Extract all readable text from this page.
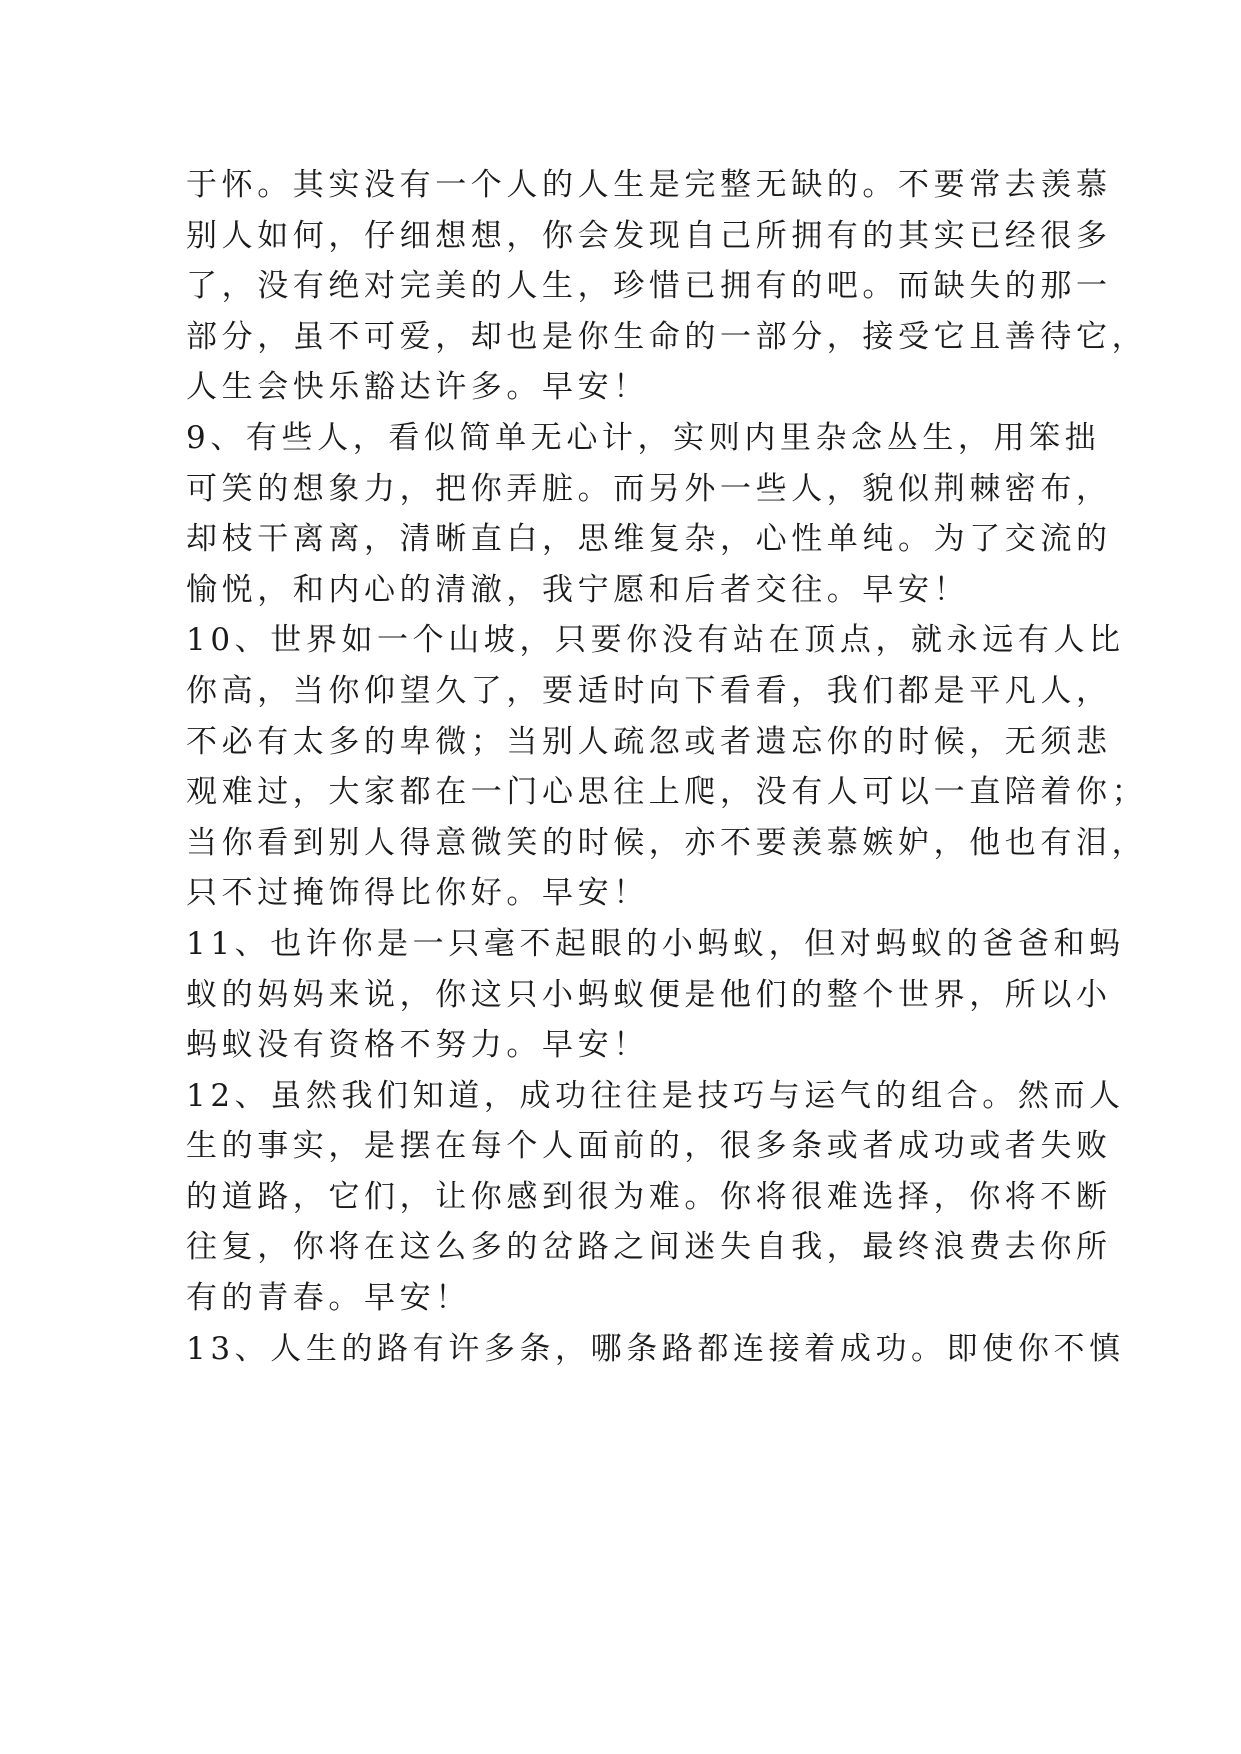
于怀。其实没有一个人的人生是完整无缺的。不要常去羡慕
别人如何，仔细想想，你会发现自己所拥有的其实已经很多
了，没有绝对完美的人生，珍惜已拥有的吧。而缺失的那一
部分，虽不可爱，却也是你生命的一部分，接受它且善待它，
人生会快乐豁达许多。早安！
9、有些人，看似简单无心计，实则内里杂念丛生，用笨拙
可笑的想象力，把你弄脏。而另外一些人，貌似荆棘密布，
却枝干离离，清晰直白，思维复杂，心性单纯。为了交流的
愉悦，和内心的清澈，我宁愿和后者交往。早安！
10、世界如一个山坡，只要你没有站在顶点，就永远有人比
你高，当你仰望久了，要适时向下看看，我们都是平凡人，
不必有太多的卑微；当别人疏忽或者遗忘你的时候，无须悲
观难过，大家都在一门心思往上爬，没有人可以一直陪着你；
当你看到别人得意微笑的时候，亦不要羡慕嫉妒，他也有泪，
只不过掩饰得比你好。早安！
11、也许你是一只毫不起眼的小蚂蚁，但对蚂蚁的爸爸和蚂
蚁的妈妈来说，你这只小蚂蚁便是他们的整个世界，所以小
蚂蚁没有资格不努力。早安！
12、虽然我们知道，成功往往是技巧与运气的组合。然而人
生的事实，是摆在每个人面前的，很多条或者成功或者失败
的道路，它们，让你感到很为难。你将很难选择，你将不断
往复，你将在这么多的岔路之间迷失自我，最终浪费去你所
有的青春。早安！
13、人生的路有许多条，哪条路都连接着成功。即使你不慎
